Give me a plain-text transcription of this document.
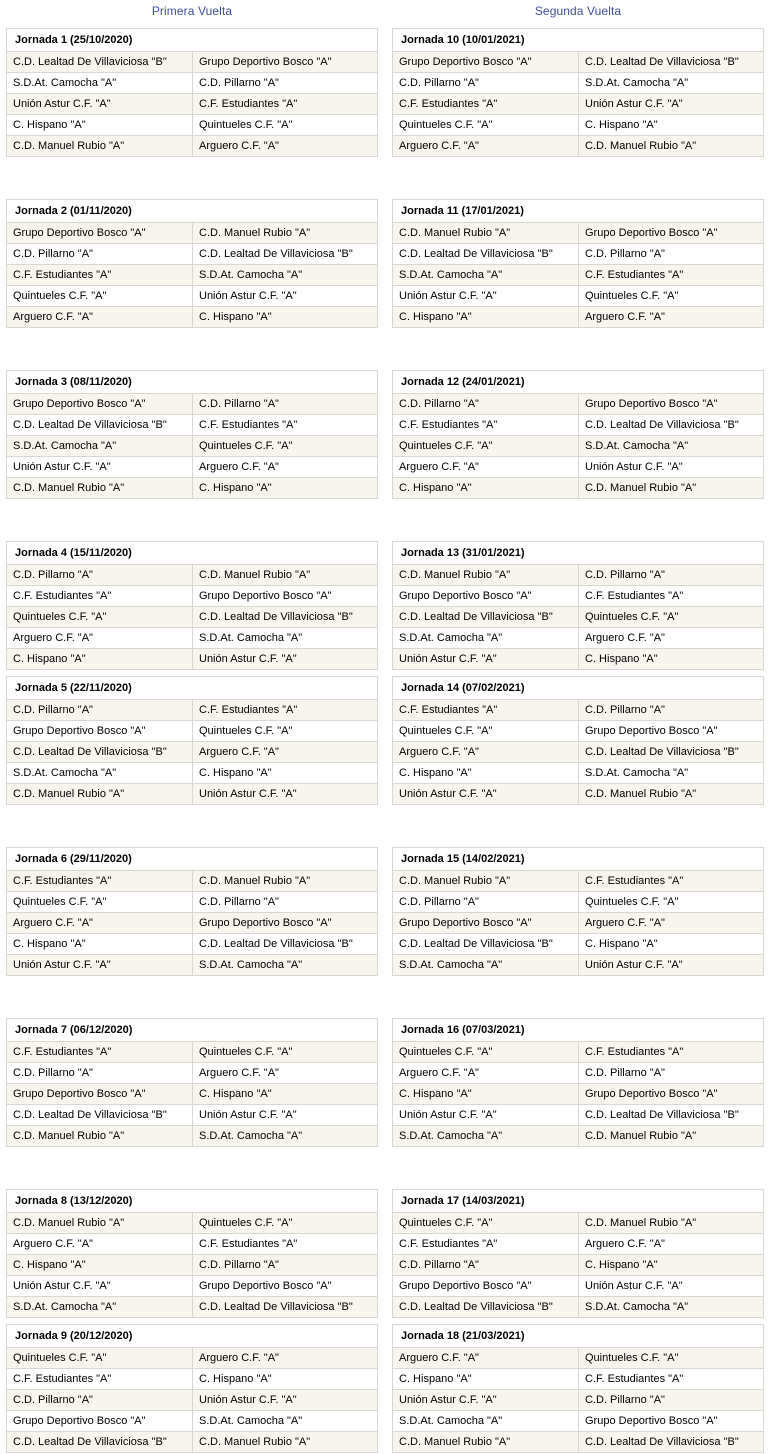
Primera Vuelta
Jornada 1 (25/10/2020)
C.D. Lealtad De Villaviciosa "B"	Grupo Deportivo Bosco "A"
S.D.At. Camocha "A"	C.D. Pillarno "A"
Unión Astur C.F. "A"	C.F. Estudiantes "A"
C. Hispano "A"	Quintueles C.F. "A"
C.D. Manuel Rubio "A"	Arguero C.F. "A"
Jornada 2 (01/11/2020)
Grupo Deportivo Bosco "A"	C.D. Manuel Rubio "A"
C.D. Pillarno "A"	C.D. Lealtad De Villaviciosa "B"
C.F. Estudiantes "A"	S.D.At. Camocha "A"
Quintueles C.F. "A"	Unión Astur C.F. "A"
Arguero C.F. "A"	C. Hispano "A"
Jornada 3 (08/11/2020)
Grupo Deportivo Bosco "A"	C.D. Pillarno "A"
C.D. Lealtad De Villaviciosa "B"	C.F. Estudiantes "A"
S.D.At. Camocha "A"	Quintueles C.F. "A"
Unión Astur C.F. "A"	Arguero C.F. "A"
C.D. Manuel Rubio "A"	C. Hispano "A"
Jornada 4 (15/11/2020)
C.D. Pillarno "A"	C.D. Manuel Rubio "A"
C.F. Estudiantes "A"	Grupo Deportivo Bosco "A"
Quintueles C.F. "A"	C.D. Lealtad De Villaviciosa "B"
Arguero C.F. "A"	S.D.At. Camocha "A"
C. Hispano "A"	Unión Astur C.F. "A"
Jornada 5 (22/11/2020)
C.D. Pillarno "A"	C.F. Estudiantes "A"
Grupo Deportivo Bosco "A"	Quintueles C.F. "A"
C.D. Lealtad De Villaviciosa "B"	Arguero C.F. "A"
S.D.At. Camocha "A"	C. Hispano "A"
C.D. Manuel Rubio "A"	Unión Astur C.F. "A"
Jornada 6 (29/11/2020)
C.F. Estudiantes "A"	C.D. Manuel Rubio "A"
Quintueles C.F. "A"	C.D. Pillarno "A"
Arguero C.F. "A"	Grupo Deportivo Bosco "A"
C. Hispano "A"	C.D. Lealtad De Villaviciosa "B"
Unión Astur C.F. "A"	S.D.At. Camocha "A"
Jornada 7 (06/12/2020)
C.F. Estudiantes "A"	Quintueles C.F. "A"
C.D. Pillarno "A"	Arguero C.F. "A"
Grupo Deportivo Bosco "A"	C. Hispano "A"
C.D. Lealtad De Villaviciosa "B"	Unión Astur C.F. "A"
C.D. Manuel Rubio "A"	S.D.At. Camocha "A"
Jornada 8 (13/12/2020)
C.D. Manuel Rubio "A"	Quintueles C.F. "A"
Arguero C.F. "A"	C.F. Estudiantes "A"
C. Hispano "A"	C.D. Pillarno "A"
Unión Astur C.F. "A"	Grupo Deportivo Bosco "A"
S.D.At. Camocha "A"	C.D. Lealtad De Villaviciosa "B"
Jornada 9 (20/12/2020)
Quintueles C.F. "A"	Arguero C.F. "A"
C.F. Estudiantes "A"	C. Hispano "A"
C.D. Pillarno "A"	Unión Astur C.F. "A"
Grupo Deportivo Bosco "A"	S.D.At. Camocha "A"
C.D. Lealtad De Villaviciosa "B"	C.D. Manuel Rubio "A"
Segunda Vuelta
Jornada 10 (10/01/2021)
Grupo Deportivo Bosco "A"	C.D. Lealtad De Villaviciosa "B"
C.D. Pillarno "A"	S.D.At. Camocha "A"
C.F. Estudiantes "A"	Unión Astur C.F. "A"
Quintueles C.F. "A"	C. Hispano "A"
Arguero C.F. "A"	C.D. Manuel Rubio "A"
Jornada 11 (17/01/2021)
C.D. Manuel Rubio "A"	Grupo Deportivo Bosco "A"
C.D. Lealtad De Villaviciosa "B"	C.D. Pillarno "A"
S.D.At. Camocha "A"	C.F. Estudiantes "A"
Unión Astur C.F. "A"	Quintueles C.F. "A"
C. Hispano "A"	Arguero C.F. "A"
Jornada 12 (24/01/2021)
C.D. Pillarno "A"	Grupo Deportivo Bosco "A"
C.F. Estudiantes "A"	C.D. Lealtad De Villaviciosa "B"
Quintueles C.F. "A"	S.D.At. Camocha "A"
Arguero C.F. "A"	Unión Astur C.F. "A"
C. Hispano "A"	C.D. Manuel Rubio "A"
Jornada 13 (31/01/2021)
C.D. Manuel Rubio "A"	C.D. Pillarno "A"
Grupo Deportivo Bosco "A"	C.F. Estudiantes "A"
C.D. Lealtad De Villaviciosa "B"	Quintueles C.F. "A"
S.D.At. Camocha "A"	Arguero C.F. "A"
Unión Astur C.F. "A"	C. Hispano "A"
Jornada 14 (07/02/2021)
C.F. Estudiantes "A"	C.D. Pillarno "A"
Quintueles C.F. "A"	Grupo Deportivo Bosco "A"
Arguero C.F. "A"	C.D. Lealtad De Villaviciosa "B"
C. Hispano "A"	S.D.At. Camocha "A"
Unión Astur C.F. "A"	C.D. Manuel Rubio "A"
Jornada 15 (14/02/2021)
C.D. Manuel Rubio "A"	C.F. Estudiantes "A"
C.D. Pillarno "A"	Quintueles C.F. "A"
Grupo Deportivo Bosco "A"	Arguero C.F. "A"
C.D. Lealtad De Villaviciosa "B"	C. Hispano "A"
S.D.At. Camocha "A"	Unión Astur C.F. "A"
Jornada 16 (07/03/2021)
Quintueles C.F. "A"	C.F. Estudiantes "A"
Arguero C.F. "A"	C.D. Pillarno "A"
C. Hispano "A"	Grupo Deportivo Bosco "A"
Unión Astur C.F. "A"	C.D. Lealtad De Villaviciosa "B"
S.D.At. Camocha "A"	C.D. Manuel Rubio "A"
Jornada 17 (14/03/2021)
Quintueles C.F. "A"	C.D. Manuel Rubio "A"
C.F. Estudiantes "A"	Arguero C.F. "A"
C.D. Pillarno "A"	C. Hispano "A"
Grupo Deportivo Bosco "A"	Unión Astur C.F. "A"
C.D. Lealtad De Villaviciosa "B"	S.D.At. Camocha "A"
Jornada 18 (21/03/2021)
Arguero C.F. "A"	Quintueles C.F. "A"
C. Hispano "A"	C.F. Estudiantes "A"
Unión Astur C.F. "A"	C.D. Pillarno "A"
S.D.At. Camocha "A"	Grupo Deportivo Bosco "A"
C.D. Manuel Rubio "A"	C.D. Lealtad De Villaviciosa "B"
